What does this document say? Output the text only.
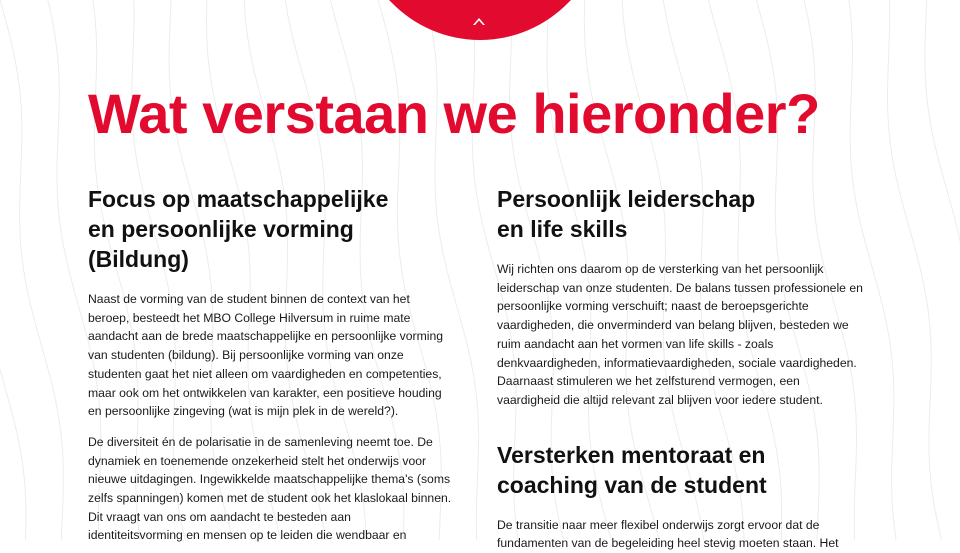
Wat verstaan we hieronder?
Focus op maatschappelijke
en persoonlijke vorming
(Bildung)

Naast de vorming van de student binnen de context van het
beroep, besteedt het MBO College Hilversum in ruime mate
aandacht aan de brede maatschappelijke en persoonlijke vorming
van studenten (bildung). Bij persoonlijke vorming van onze
studenten gaat het niet alleen om vaardigheden en competenties,
maar ook om het ontwikkelen van karakter, een positieve houding
en persoonlijke zingeving (wat is mijn plek in de wereld?).

De diversiteit én de polarisatie in de samenleving neemt toe. De
dynamiek en toenemende onzekerheid stelt het onderwijs voor
nieuwe uitdagingen. Ingewikkelde maatschappelijke thema's (soms
zelfs spanningen) komen met de student ook het klaslokaal binnen.
Dit vraagt van ons om aandacht te besteden aan
identiteitsvorming en mensen op te leiden die wendbaar en

Persoonlijk leiderschap
en life skills

Wij richten ons daarom op de versterking van het persoonlijk
leiderschap van onze studenten. De balans tussen professionele en
persoonlijke vorming verschuift; naast de beroepsgerichte
vaardigheden, die onverminderd van belang blijven, besteden we
ruim aandacht aan het vormen van life skills - zoals
denkvaardigheden, informatievaardigheden, sociale vaardigheden.
Daarnaast stimuleren we het zelfsturend vermogen, een
vaardigheid die altijd relevant zal blijven voor iedere student.

Versterken mentoraat en
coaching van de student

De transitie naar meer flexibel onderwijs zorgt ervoor dat de
fundamenten van de begeleiding heel stevig moeten staan. Het
